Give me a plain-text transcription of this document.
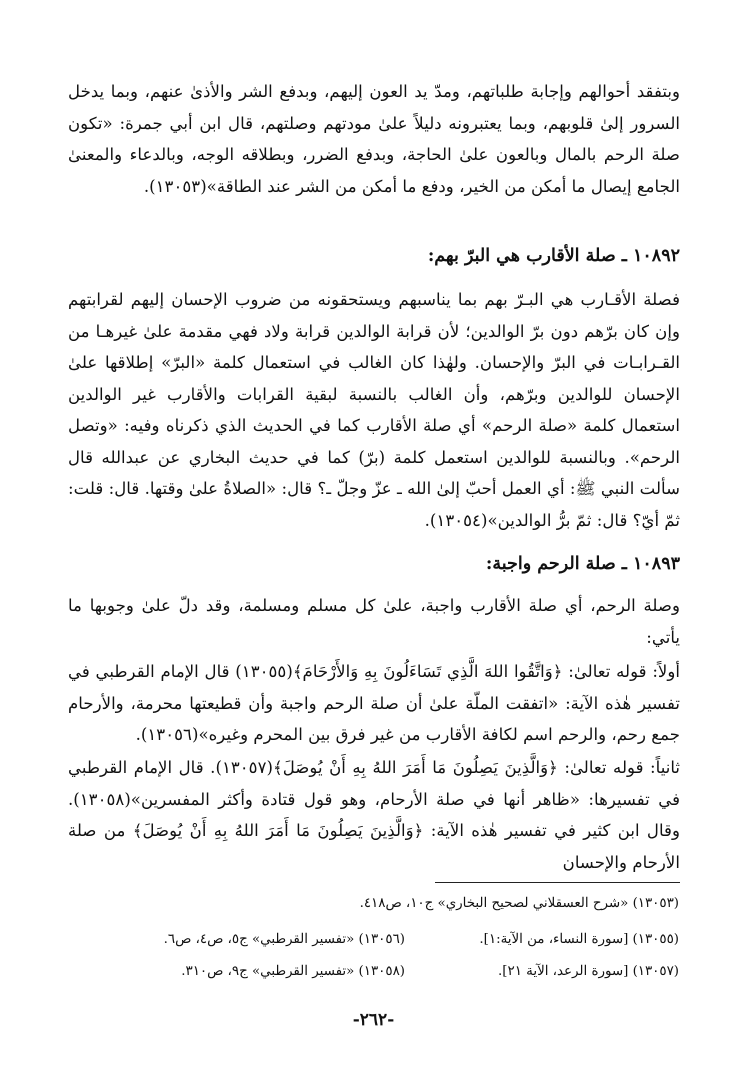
وبتفقد أحوالهم وإجابة طلباتهم، ومدّ يد العون إليهم، وبدفع الشر والأذىٰ عنهم، وبما يدخل السرور إلىٰ قلوبهم، وبما يعتبرونه دليلاً علىٰ مودتهم وصلتهم، قال ابن أبي جمرة: «تكون صلة الرحم بالمال وبالعون علىٰ الحاجة، وبدفع الضرر، وبطلاقه الوجه، وبالدعاء والمعنىٰ الجامع إيصال ما أمكن من الخير، ودفع ما أمكن من الشر عند الطاقة»(١٣٠٥٣).

١٠٨٩٢ ـ صلة الأقارب هي البرّ بهم:

فصلة الأقـارب هي البـرّ بهم بما يناسبهم ويستحقونه من ضروب الإحسان إليهم لقرابتهم وإن كان برّهم دون برّ الوالدين؛ لأن قرابة الوالدين قرابة ولاد فهي مقدمة علىٰ غيرهـا من القـرابـات في البرّ والإحسان. ولهٰذا كان الغالب في استعمال كلمة «البرّ» إطلاقها علىٰ الإحسان للوالدين وبرّهم، وأن الغالب بالنسبة لبقية القرابات والأقارب غير الوالدين استعمال كلمة «صلة الرحم» أي صلة الأقارب كما في الحديث الذي ذكرناه وفيه: «وتصل الرحم». وبالنسبة للوالدين استعمل كلمة (برّ) كما في حديث البخاري عن عبدالله قال سألت النبي ﷺ: أي العمل أحبّ إلىٰ الله ـ عزّ وجلّ ـ؟ قال: «الصلاةُ علىٰ وقتها. قال: قلت: ثمّ أيّ؟ قال: ثمّ برُّ الوالدين»(١٣٠٥٤).

١٠٨٩٣ ـ صلة الرحم واجبة:

وصلة الرحم، أي صلة الأقارب واجبة، علىٰ كل مسلم ومسلمة، وقد دلّ علىٰ وجوبها ما يأتي:

أولاً: قوله تعالىٰ: ﴿وَاتَّقُوا اللهَ الَّذِي تَسَاءَلُونَ بِهِ وَالأَرْحَامَ﴾(١٣٠٥٥) قال الإمام القرطبي في تفسير هٰذه الآية: «اتفقت الملّة علىٰ أن صلة الرحم واجبة وأن قطيعتها محرمة، والأرحام جمع رحم، والرحم اسم لكافة الأقارب من غير فرق بين المحرم وغيره»(١٣٠٥٦).

ثانياً: قوله تعالىٰ: ﴿وَالَّذِينَ يَصِلُونَ مَا أَمَرَ اللهُ بِهِ أَنْ يُوصَلَ﴾(١٣٠٥٧). قال الإمام القرطبي في تفسيرها: «ظاهر أنها في صلة الأرحام، وهو قول قتادة وأكثر المفسرين»(١٣٠٥٨). وقال ابن كثير في تفسير هٰذه الآية: ﴿وَالَّذِينَ يَصِلُونَ مَا أَمَرَ اللهُ بِهِ أَنْ يُوصَلَ﴾ من صلة الأرحام والإحسان

(١٣٠٥٣) «شرح العسقلاني لصحيح البخاري» ج١٠، ص٤١٨.
(١٣٠٥٥) [سورة النساء، من الآية:١].
(١٣٠٥٦) «تفسير القرطبي» ج٥، ص٤، ص٦.
(١٣٠٥٧) [سورة الرعد، الآية ٢١].
(١٣٠٥٨) «تفسير القرطبي» ج٩، ص٣١٠.
-٢٦٢-
